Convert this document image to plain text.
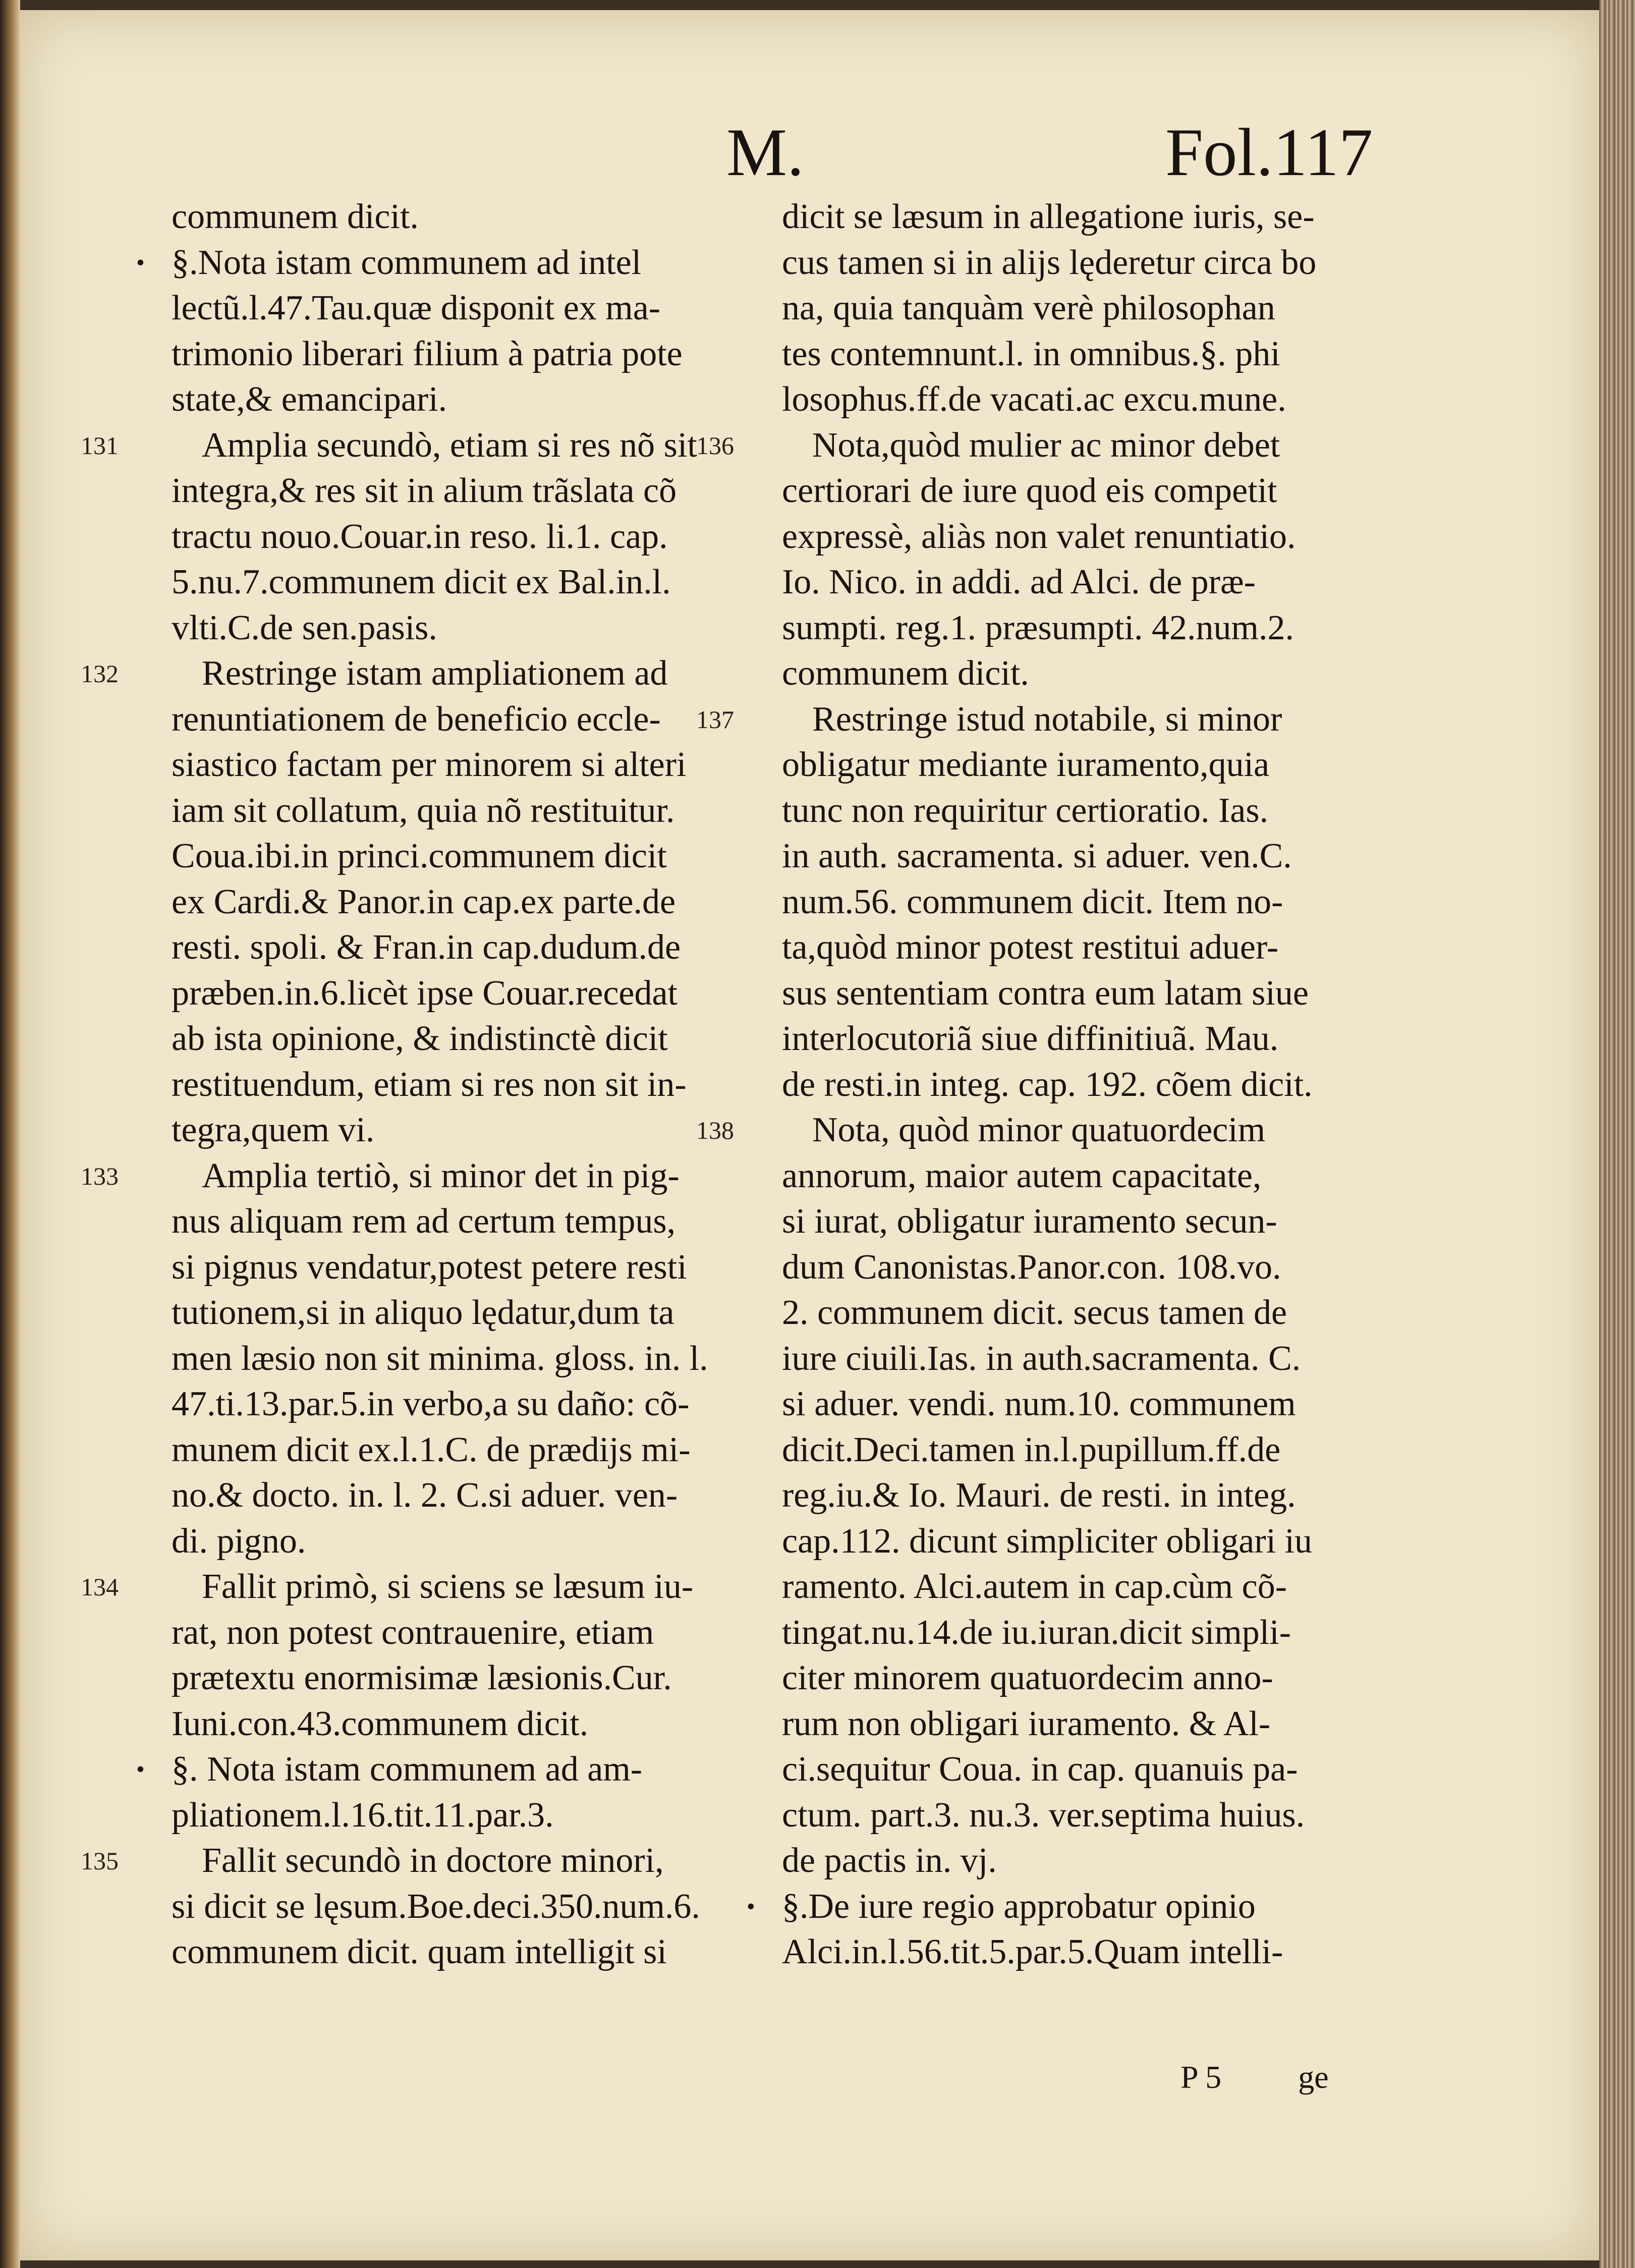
M.	Fol.117
communem dicit.
• §.Nota istam communem ad intel
lectũ.l.47.Tau.quæ disponit ex ma-
trimonio liberari filium à patria pote
state,& emancipari.
131 Amplia secundò, etiam si res nõ sit
integra,& res sit in alium trãslata cõ
tractu nouo.Couar.in reso. li.1. cap.
5.nu.7.communem dicit ex Bal.in.l.
vlti.C.de sen.pasis.
132 Restringe istam ampliationem ad
renuntiationem de beneficio eccle-
siastico factam per minorem si alteri
iam sit collatum, quia nõ restituitur.
Coua.ibi.in princi.communem dicit
ex Cardi.& Panor.in cap.ex parte.de
resti. spoli. & Fran.in cap.dudum.de
præben.in.6.licèt ipse Couar.recedat
ab ista opinione, & indistinctè dicit
restituendum, etiam si res non sit in-
tegra,quem vi.
133 Amplia tertiò, si minor det in pig-
nus aliquam rem ad certum tempus,
si pignus vendatur,potest petere resti
tutionem,si in aliquo lędatur,dum ta
men læsio non sit minima. gloss. in. l.
47.ti.13.par.5.in verbo,a su daño: cõ-
munem dicit ex.l.1.C. de prædijs mi-
no.& docto. in. l. 2. C.si aduer. ven-
di. pigno.
134 Fallit primò, si sciens se læsum iu-
rat, non potest contrauenire, etiam
prætextu enormisimæ læsionis.Cur.
Iuni.con.43.communem dicit.
• §. Nota istam communem ad am-
pliationem.l.16.tit.11.par.3.
135 Fallit secundò in doctore minori,
si dicit se lęsum.Boe.deci.350.num.6.
communem dicit. quam intelligit si
dicit se læsum in allegatione iuris, se-
cus tamen si in alijs lęderetur circa bo
na, quia tanquàm verè philosophan
tes contemnunt.l. in omnibus.§. phi
losophus.ff.de vacati.ac excu.mune.
136 Nota,quòd mulier ac minor debet
certiorari de iure quod eis competit
expressè, aliàs non valet renuntiatio.
Io. Nico. in addi. ad Alci. de præ-
sumpti. reg.1. præsumpti. 42.num.2.
communem dicit.
137 Restringe istud notabile, si minor
obligatur mediante iuramento,quia
tunc non requiritur certioratio. Ias.
in auth. sacramenta. si aduer. ven.C.
num.56. communem dicit. Item no-
ta,quòd minor potest restitui aduer-
sus sententiam contra eum latam siue
interlocutoriã siue diffinitiuã. Mau.
de resti.in integ. cap. 192. cõem dicit.
138 Nota, quòd minor quatuordecim
annorum, maior autem capacitate,
si iurat, obligatur iuramento secun-
dum Canonistas.Panor.con. 108.vo.
2. communem dicit. secus tamen de
iure ciuili.Ias. in auth.sacramenta. C.
si aduer. vendi. num.10. communem
dicit.Deci.tamen in.l.pupillum.ff.de
reg.iu.& Io. Mauri. de resti. in integ.
cap.112. dicunt simpliciter obligari iu
ramento. Alci.autem in cap.cùm cõ-
tingat.nu.14.de iu.iuran.dicit simpli-
citer minorem quatuordecim anno-
rum non obligari iuramento. & Al-
ci.sequitur Coua. in cap. quanuis pa-
ctum. part.3. nu.3. ver.septima huius.
de pactis in. vj.
• §.De iure regio approbatur opinio
Alci.in.l.56.tit.5.par.5.Quam intelli-
P 5 ge
